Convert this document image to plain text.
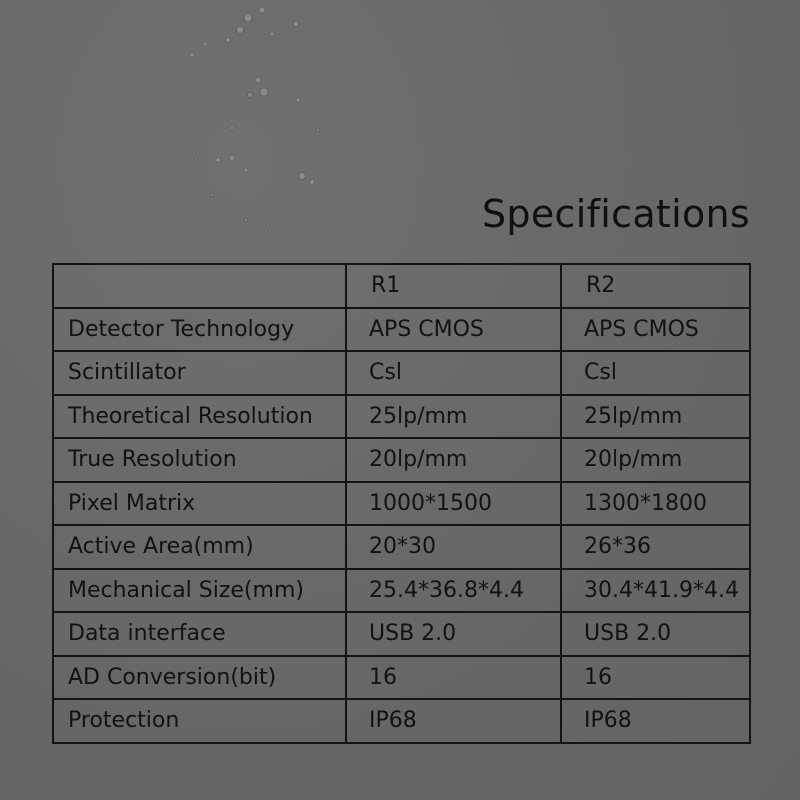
Specifications
	R1	R2
Detector Technology	APS CMOS	APS CMOS
Scintillator	Csl	Csl
Theoretical Resolution	25lp/mm	25lp/mm
True Resolution	20lp/mm	20lp/mm
Pixel Matrix	1000*1500	1300*1800
Active Area(mm)	20*30	26*36
Mechanical Size(mm)	25.4*36.8*4.4	30.4*41.9*4.4
Data interface	USB 2.0	USB 2.0
AD Conversion(bit)	16	16
Protection	IP68	IP68
